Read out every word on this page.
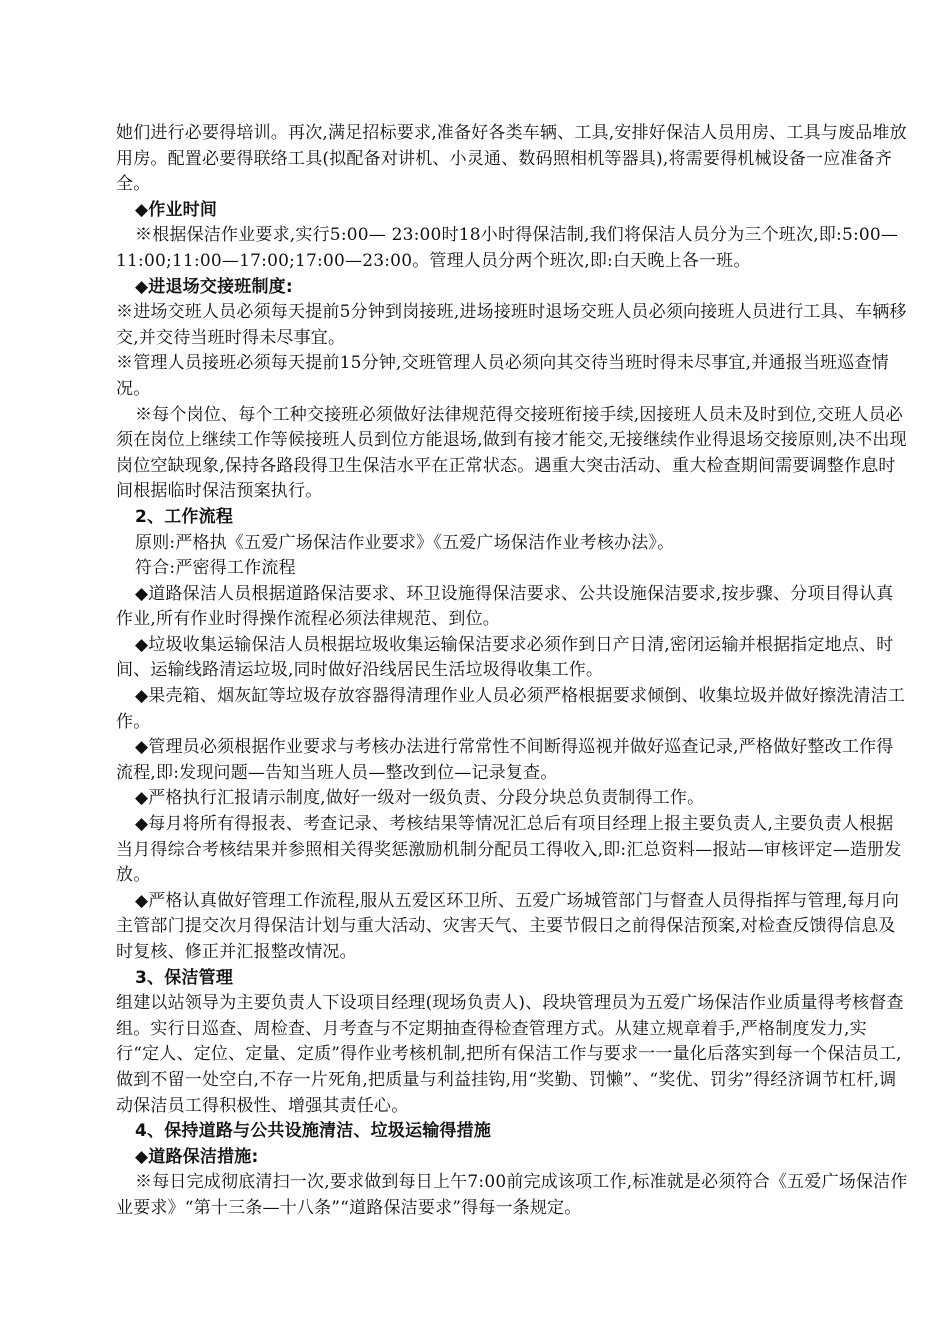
她们进行必要得培训。再次,满足招标要求,准备好各类车辆、工具,安排好保洁人员用房、工具与废品堆放用房。配置必要得联络工具(拟配备对讲机、小灵通、数码照相机等器具),将需要得机械设备一应准备齐全。

◆作业时间

※根据保洁作业要求,实行5:00— 23:00时18小时得保洁制,我们将保洁人员分为三个班次,即:5:00—11:00;11:00—17:00;17:00—23:00。管理人员分两个班次,即:白天晚上各一班。

◆进退场交接班制度:

※进场交班人员必须每天提前5分钟到岗接班,进场接班时退场交班人员必须向接班人员进行工具、车辆移交,并交待当班时得未尽事宜。

※管理人员接班必须每天提前15分钟,交班管理人员必须向其交待当班时得未尽事宜,并通报当班巡查情况。

※每个岗位、每个工种交接班必须做好法律规范得交接班衔接手续,因接班人员未及时到位,交班人员必须在岗位上继续工作等候接班人员到位方能退场,做到有接才能交,无接继续作业得退场交接原则,决不出现岗位空缺现象,保持各路段得卫生保洁水平在正常状态。遇重大突击活动、重大检查期间需要调整作息时间根据临时保洁预案执行。

2、工作流程

原则:严格执《五爱广场保洁作业要求》《五爱广场保洁作业考核办法》。

符合:严密得工作流程

◆道路保洁人员根据道路保洁要求、环卫设施得保洁要求、公共设施保洁要求,按步骤、分项目得认真作业,所有作业时得操作流程必须法律规范、到位。

◆垃圾收集运输保洁人员根据垃圾收集运输保洁要求必须作到日产日清,密闭运输并根据指定地点、时间、运输线路清运垃圾,同时做好沿线居民生活垃圾得收集工作。

◆果壳箱、烟灰缸等垃圾存放容器得清理作业人员必须严格根据要求倾倒、收集垃圾并做好擦洗清洁工作。

◆管理员必须根据作业要求与考核办法进行常常性不间断得巡视并做好巡查记录,严格做好整改工作得流程,即:发现问题—告知当班人员—整改到位—记录复查。

◆严格执行汇报请示制度,做好一级对一级负责、分段分块总负责制得工作。

◆每月将所有得报表、考查记录、考核结果等情况汇总后有项目经理上报主要负责人,主要负责人根据当月得综合考核结果并参照相关得奖惩激励机制分配员工得收入,即:汇总资料—报站—审核评定—造册发放。

◆严格认真做好管理工作流程,服从五爱区环卫所、五爱广场城管部门与督查人员得指挥与管理,每月向主管部门提交次月得保洁计划与重大活动、灾害天气、主要节假日之前得保洁预案,对检查反馈得信息及时复核、修正并汇报整改情况。

3、保洁管理

组建以站领导为主要负责人下设项目经理(现场负责人)、段块管理员为五爱广场保洁作业质量得考核督查组。实行日巡查、周检查、月考查与不定期抽查得检查管理方式。从建立规章着手,严格制度发力,实行“定人、定位、定量、定质”得作业考核机制,把所有保洁工作与要求一一量化后落实到每一个保洁员工,做到不留一处空白,不存一片死角,把质量与利益挂钩,用“奖勤、罚懒”、“奖优、罚劣”得经济调节杠杆,调动保洁员工得积极性、增强其责任心。

4、保持道路与公共设施清洁、垃圾运输得措施

◆道路保洁措施:

※每日完成彻底清扫一次,要求做到每日上午7:00前完成该项工作,标准就是必须符合《五爱广场保洁作业要求》“第十三条—十八条”“道路保洁要求”得每一条规定。
